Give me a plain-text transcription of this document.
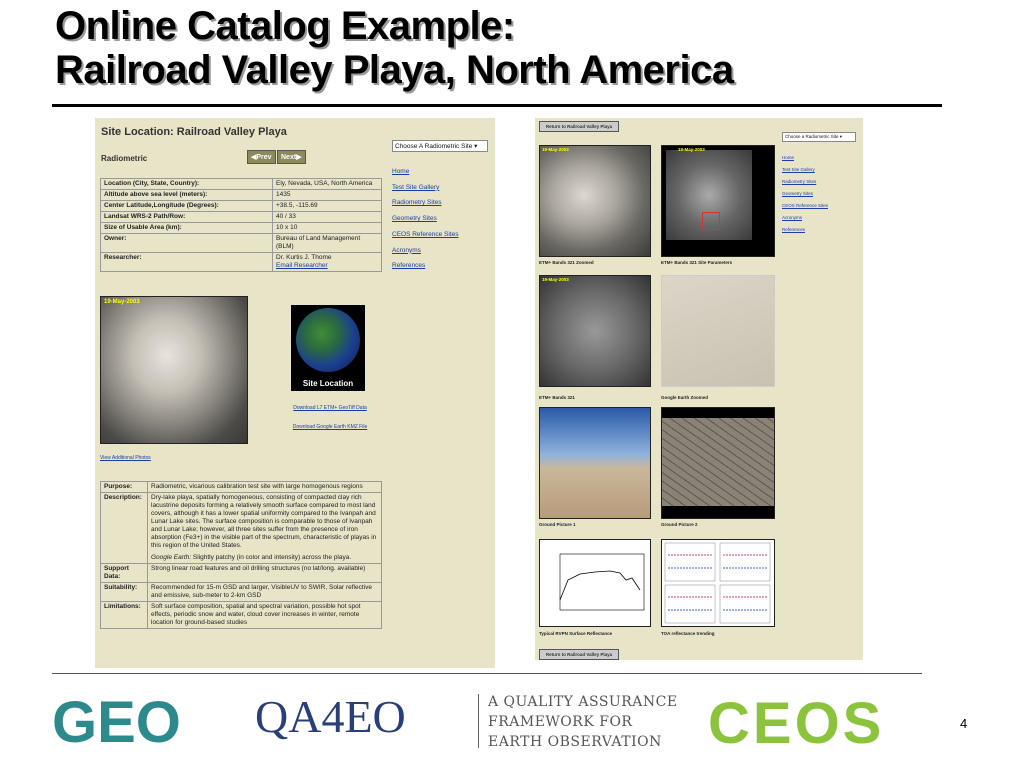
Online Catalog Example:
Railroad Valley Playa, North America
Site Location: Railroad Valley Playa
Radiometric	◀Prev	Next▶
Choose A Radiometric Site ▾
Home
Test Site Gallery
Radiometry Sites
Geometry Sites
CEOS Reference Sites
Acronyms
References
Location (City, State, Country):	Ely, Nevada, USA, North America
Altitude above sea level (meters):	1435
Center Latitude,Longitude (Degrees):	+38.5, -115.69
Landsat WRS-2 Path/Row:	40 / 33
Size of Usable Area (km):	10 x 10
Owner:	Bureau of Land Management (BLM)
Researcher:	Dr. Kurtis J. Thome
Email Researcher
19-May-2003
Site Location
Download L7 ETM+ GeoTiff Data
Download Google Earth KMZ File
View Additional Photos
Purpose:	Radiometric, vicarious calibration test site with large homogenous regions
Description:	Dry-lake playa, spatially homogeneous, consisting of compacted clay rich lacustrine deposits forming a relatively smooth surface compared to most land covers, although it has a lower spatial uniformity compared to the Ivanpah and Lunar Lake sites. The surface composition is comparable to those of Ivanpah and Lunar Lake; however, all three sites suffer from the presence of iron absorption (Fe3+) in the visible part of the spectrum, characteristic of playas in this region of the United States.
Google Earth: Slightly patchy (in color and intensity) across the playa.

Support Data:	Strong linear road features and oil drilling structures (no lat/long. available)
Suitability:	Recommended for 15-m GSD and larger, VisibleUV to SWIR, Solar reflective and emissive, sub-meter to 2-km GSD
Limitations:	Soft surface composition, spatial and spectral variation, possible hot spot effects, periodic snow and water, cloud cover increases in winter, remote location for ground-based studies
Return to Railroad Valley Playa
Choose a Radiometric Site ▾
Home
Test Site Gallery
Radiometry Sites
Geometry Sites
CEOS Reference Sites
Acronyms
References
19-May-2003
ETM+ Bands 321 Zoomed
19-May-2003
ETM+ Bands 321 Site Parameters
19-May-2003
ETM+ Bands 321	Google Earth Zoomed
Ground Picture 1	Ground Picture 2
Typical RVPN Surface Reflectance	TOA reflectance trending
Return to Railroad Valley Playa
GEO QA4EO	A QUALITY ASSURANCE
FRAMEWORK FOR
EARTH OBSERVATION CEOS	4
